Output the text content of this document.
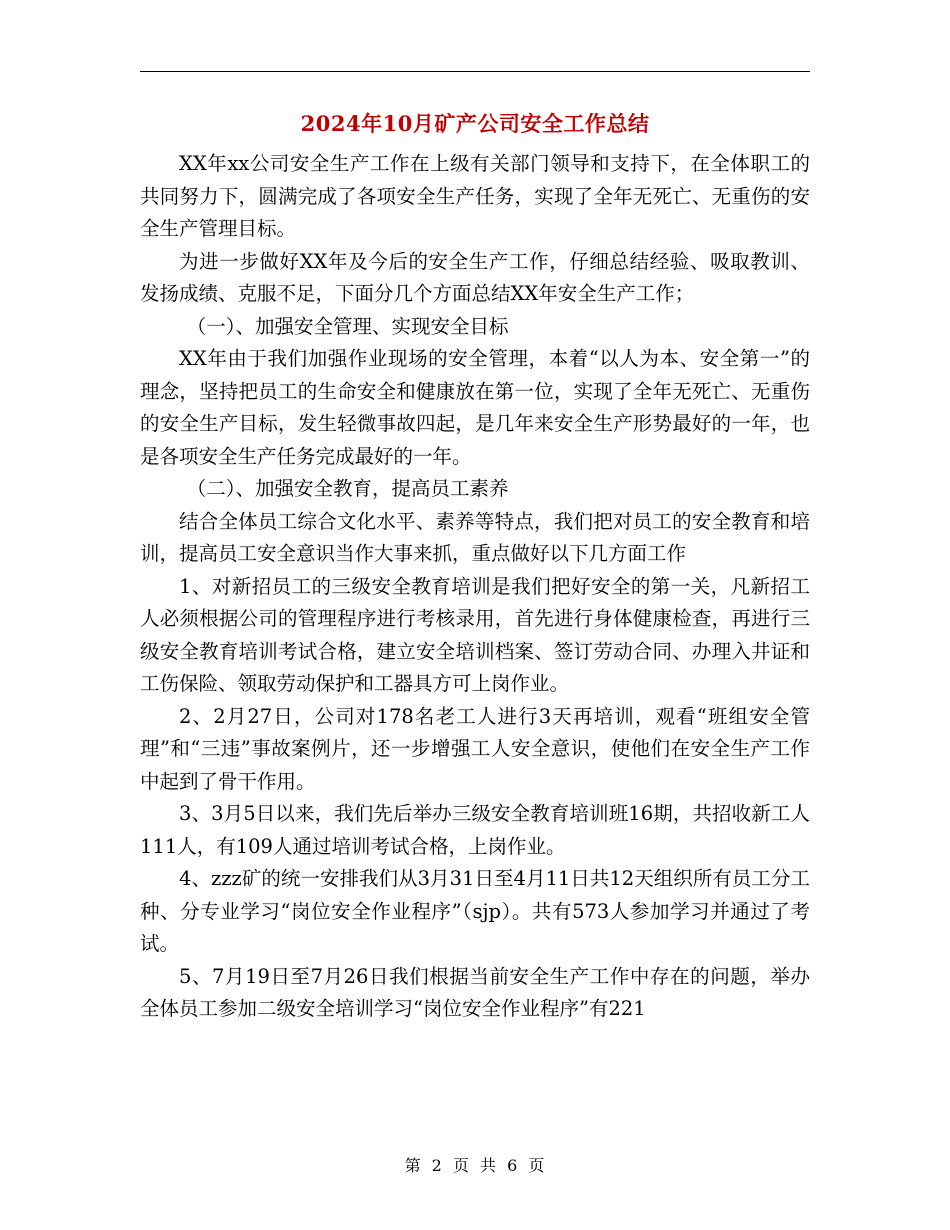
2024年10月矿产公司安全工作总结

XX年xx公司安全生产工作在上级有关部门领导和支持下，在全体职工的共同努力下，圆满完成了各项安全生产任务，实现了全年无死亡、无重伤的安全生产管理目标。

为进一步做好XX年及今后的安全生产工作，仔细总结经验、吸取教训、发扬成绩、克服不足，下面分几个方面总结XX年安全生产工作；

（一）、加强安全管理、实现安全目标

XX年由于我们加强作业现场的安全管理，本着“以人为本、安全第一”的理念，坚持把员工的生命安全和健康放在第一位，实现了全年无死亡、无重伤的安全生产目标，发生轻微事故四起，是几年来安全生产形势最好的一年，也是各项安全生产任务完成最好的一年。

（二）、加强安全教育，提高员工素养

结合全体员工综合文化水平、素养等特点，我们把对员工的安全教育和培训，提高员工安全意识当作大事来抓，重点做好以下几方面工作

1、对新招员工的三级安全教育培训是我们把好安全的第一关，凡新招工人必须根据公司的管理程序进行考核录用，首先进行身体健康检查，再进行三级安全教育培训考试合格，建立安全培训档案、签订劳动合同、办理入井证和工伤保险、领取劳动保护和工器具方可上岗作业。

2、2月27日，公司对178名老工人进行3天再培训，观看“班组安全管理”和“三违”事故案例片，还一步增强工人安全意识，使他们在安全生产工作中起到了骨干作用。

3、3月5日以来，我们先后举办三级安全教育培训班16期，共招收新工人111人，有109人通过培训考试合格，上岗作业。

4、zzz矿的统一安排我们从3月31日至4月11日共12天组织所有员工分工种、分专业学习“岗位安全作业程序”（sjp）。共有573人参加学习并通过了考试。

5、7月19日至7月26日我们根据当前安全生产工作中存在的问题，举办全体员工参加二级安全培训学习“岗位安全作业程序”有221

第 2 页 共 6 页
